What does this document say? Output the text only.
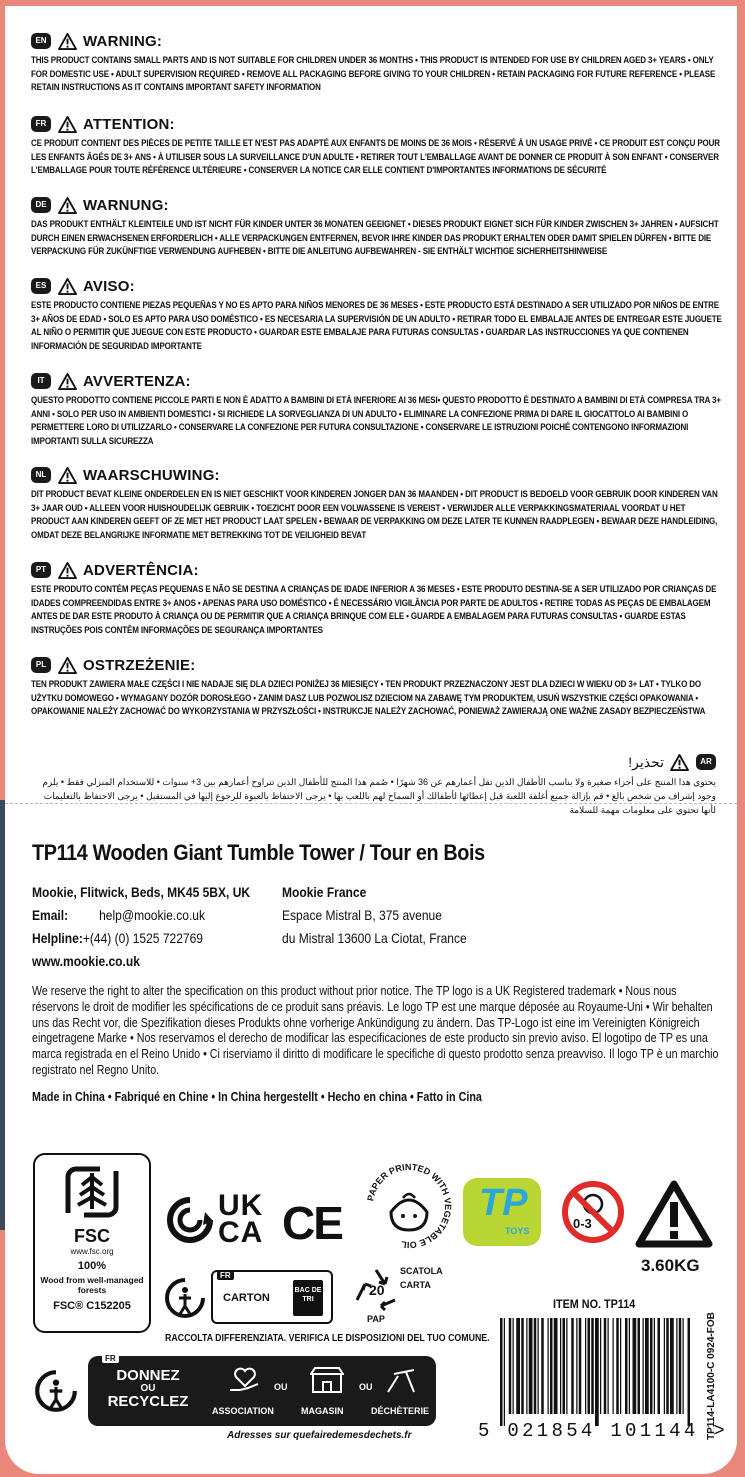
EN WARNING:
THIS PRODUCT CONTAINS SMALL PARTS AND IS NOT SUITABLE FOR CHILDREN UNDER 36 MONTHS • THIS PRODUCT IS INTENDED FOR USE BY CHILDREN AGED 3+ YEARS • ONLY FOR DOMESTIC USE • ADULT SUPERVISION REQUIRED • REMOVE ALL PACKAGING BEFORE GIVING TO YOUR CHILDREN • RETAIN PACKAGING FOR FUTURE REFERENCE • PLEASE RETAIN INSTRUCTIONS AS IT CONTAINS IMPORTANT SAFETY INFORMATION
FR	ATTENTION:
CE PRODUIT CONTIENT DES PIÈCES DE PETITE TAILLE ET N'EST PAS ADAPTÉ AUX ENFANTS DE MOINS DE 36 MOIS • RÉSERVÉ À UN USAGE PRIVÉ • CE PRODUIT EST CONÇU POUR LES ENFANTS ÂGÉS DE 3+ ANS • À UTILISER SOUS LA SURVEILLANCE D'UN ADULTE • RETIRER TOUT L'EMBALLAGE AVANT DE DONNER CE PRODUIT À SON ENFANT • CONSERVER L'EMBALLAGE POUR TOUTE RÉFÉRENCE ULTÉRIEURE • CONSERVER LA NOTICE CAR ELLE CONTIENT D'IMPORTANTES INFORMATIONS DE SÉCURITÉ
DE WARNUNG:
DAS PRODUKT ENTHÄLT KLEINTEILE UND IST NICHT FÜR KINDER UNTER 36 MONATEN GEEIGNET • DIESES PRODUKT EIGNET SICH FÜR KINDER ZWISCHEN 3+ JAHREN • AUFSICHT DURCH EINEN ERWACHSENEN ERFORDERLICH • ALLE VERPACKUNGEN ENTFERNEN, BEVOR IHRE KINDER DAS PRODUKT ERHALTEN ODER DAMIT SPIELEN DÜRFEN • BITTE DIE VERPACKUNG FÜR ZUKÜNFTIGE VERWENDUNG AUFHEBEN • BITTE DIE ANLEITUNG AUFBEWAHREN - SIE ENTHÄLT WICHTIGE SICHERHEITSHINWEISE
ES	AVISO:
ESTE PRODUCTO CONTIENE PIEZAS PEQUEÑAS Y NO ES APTO PARA NIÑOS MENORES DE 36 MESES • ESTE PRODUCTO ESTÁ DESTINADO A SER UTILIZADO POR NIÑOS DE ENTRE 3+ AÑOS DE EDAD • SOLO ES APTO PARA USO DOMÉSTICO • ES NECESARIA LA SUPERVISIÓN DE UN ADULTO • RETIRAR TODO EL EMBALAJE ANTES DE ENTREGAR ESTE JUGUETE AL NIÑO O PERMITIR QUE JUEGUE CON ESTE PRODUCTO • GUARDAR ESTE EMBALAJE PARA FUTURAS CONSULTAS • GUARDAR LAS INSTRUCCIONES YA QUE CONTIENEN INFORMACIÓN DE SEGURIDAD IMPORTANTE
IT	AVVERTENZA:
QUESTO PRODOTTO CONTIENE PICCOLE PARTI E NON È ADATTO A BAMBINI DI ETÀ INFERIORE AI 36 MESI• QUESTO PRODOTTO È DESTINATO A BAMBINI DI ETÀ COMPRESA TRA 3+ ANNI • SOLO PER USO IN AMBIENTI DOMESTICI • SI RICHIEDE LA SORVEGLIANZA DI UN ADULTO • ELIMINARE LA CONFEZIONE PRIMA DI DARE IL GIOCATTOLO AI BAMBINI O PERMETTERE LORO DI UTILIZZARLO • CONSERVARE LA CONFEZIONE PER FUTURA CONSULTAZIONE • CONSERVARE LE ISTRUZIONI POICHÉ CONTENGONO INFORMAZIONI IMPORTANTI SULLA SICUREZZA
NL	WAARSCHUWING:
DIT PRODUCT BEVAT KLEINE ONDERDELEN EN IS NIET GESCHIKT VOOR KINDEREN JONGER DAN 36 MAANDEN • DIT PRODUCT IS BEDOELD VOOR GEBRUIK DOOR KINDEREN VAN 3+ JAAR OUD • ALLEEN VOOR HUISHOUDELIJK GEBRUIK • TOEZICHT DOOR EEN VOLWASSENE IS VEREIST • VERWIJDER ALLE VERPAKKINGSMATERIAAL VOORDAT U HET PRODUCT AAN KINDEREN GEEFT OF ZE MET HET PRODUCT LAAT SPELEN • BEWAAR DE VERPAKKING OM DEZE LATER TE KUNNEN RAADPLEGEN • BEWAAR DEZE HANDLEIDING, OMDAT DEZE BELANGRIJKE INFORMATIE MET BETREKKING TOT DE VEILIGHEID BEVAT
PT	ADVERTÊNCIA:
ESTE PRODUTO CONTÉM PEÇAS PEQUENAS E NÃO SE DESTINA A CRIANÇAS DE IDADE INFERIOR A 36 MESES • ESTE PRODUTO DESTINA-SE A SER UTILIZADO POR CRIANÇAS DE IDADES COMPREENDIDAS ENTRE 3+ ANOS • APENAS PARA USO DOMÉSTICO • É NECESSÁRIO VIGILÂNCIA POR PARTE DE ADULTOS • RETIRE TODAS AS PEÇAS DE EMBALAGEM ANTES DE DAR ESTE PRODUTO À CRIANÇA OU DE PERMITIR QUE A CRIANÇA BRINQUE COM ELE • GUARDE A EMBALAGEM PARA FUTURAS CONSULTAS • GUARDE ESTAS INSTRUÇÕES POIS CONTÊM INFORMAÇÕES DE SEGURANÇA IMPORTANTES
PL	OSTRZEŻENIE:
TEN PRODUKT ZAWIERA MAŁE CZĘŚCI I NIE NADAJE SIĘ DLA DZIECI PONIŻEJ 36 MIESIĘCY • TEN PRODUKT PRZEZNACZONY JEST DLA DZIECI W WIEKU OD 3+ LAT • TYLKO DO UŻYTKU DOMOWEGO • WYMAGANY DOZÓR DOROSŁEGO • ZANIM DASZ LUB POZWOLISZ DZIECIOM NA ZABAWĘ TYM PRODUKTEM, USUŃ WSZYSTKIE CZĘŚCI OPAKOWANIA • OPAKOWANIE NALEŻY ZACHOWAĆ DO WYKORZYSTANIA W PRZYSZŁOŚCI • INSTRUKCJE NALEŻY ZACHOWAĆ, PONIEWAŻ ZAWIERAJĄ ONE WAŻNE ZASADY BEZPIECZEŃSTWA
AR
تحذير!
يحتوي هذا المنتج على أجزاء صغيرة ولا يناسب الأطفال الذين تقل أعمارهم عن 36 شهرًا • صُمم هذا المنتج للأطفال الذين تتراوح أعمارهم بين 3+ سنوات • للاستخدام المنزلي فقط • يلزم وجود إشراف من شخص بالغ • قم بإزالة جميع أغلفة اللعبة قبل إعطائها لأطفالك أو السماح لهم باللعب بها • يرجى الاحتفاظ بالعبوة للرجوع إليها في المستقبل • يرجى الاحتفاظ بالتعليمات لأنها تحتوي على معلومات مهمة للسلامة
TP114 Wooden Giant Tumble Tower / Tour en Bois
Mookie, Flitwick, Beds, MK45 5BX, UK
Email: help@mookie.co.uk
Helpline:+(44) (0) 1525 722769
www.mookie.co.uk
Mookie France
Espace Mistral B, 375 avenue
du Mistral 13600 La Ciotat, France
We reserve the right to alter the specification on this product without prior notice. The TP logo is a UK Registered trademark • Nous nous réservons le droit de modifier les spécifications de ce produit sans préavis. Le logo TP est une marque déposée au Royaume-Uni • Wir behalten uns das Recht vor, die Spezifikation dieses Produkts ohne vorherige Ankündigung zu ändern. Das TP-Logo ist eine im Vereinigten Königreich eingetragene Marke • Nos reservamos el derecho de modificar las especificaciones de este producto sin previo aviso. El logotipo de TP es una marca registrada en el Reino Unido • Ci riserviamo il diritto di modificare le specifiche di questo prodotto senza preavviso. Il logo TP è un marchio registrato nel Regno Unito.
Made in China • Fabriqué en Chine • In China hergestellt • Hecho en china • Fatto in Cina
FSC
www.fsc.org
100%
Wood from well-managed forests
FSC® C152205
UK
CA CE	PAPER PRINTED WITH VEGETABLE OIL
TP
TOYS	0-3
3.60KG
FR
CARTON
BAC DE TRI
20
PAP
SCATOLA
CARTA
RACCOLTA DIFFERENZIATA. VERIFICA LE DISPOSIZIONI DEL TUO COMUNE.
FR
DONNEZ
OU
RECYCLEZ
OU	OU
ASSOCIATION	MAGASIN	DÉCHÈTERIE
Adresses sur quefairedemesdechets.fr
ITEM NO. TP114
5 021854 101144 >
TP114-LA4100-C 0924-FOB
